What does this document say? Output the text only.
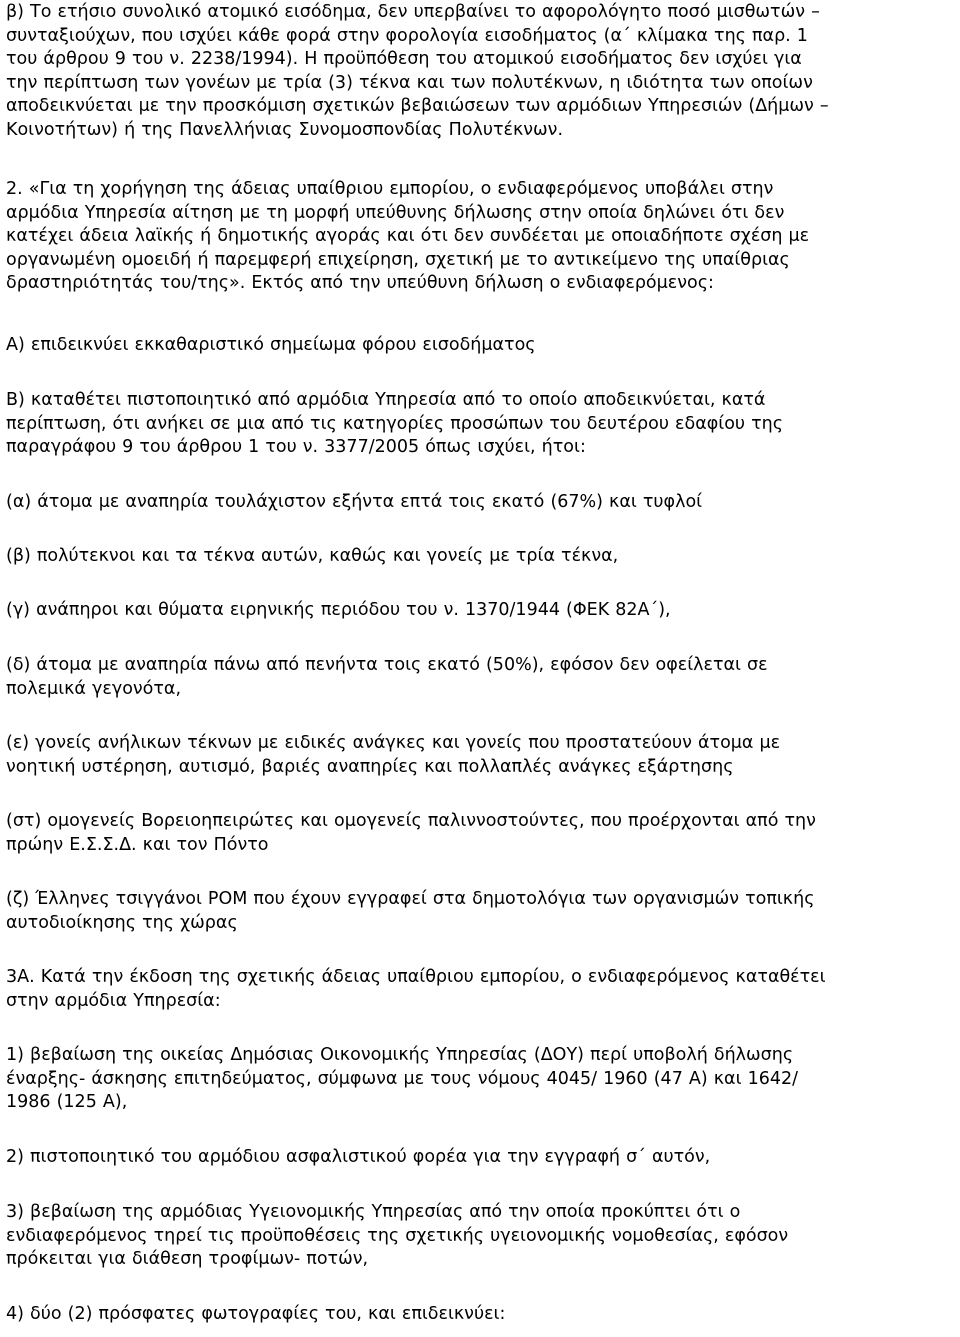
β) Το ετήσιο συνολικό ατομικό εισόδημα, δεν υπερβαίνει το αφορολόγητο ποσό μισθωτών –
συνταξιούχων, που ισχύει κάθε φορά στην φορολογία εισοδήματος (α΄ κλίμακα της παρ. 1
του άρθρου 9 του ν. 2238/1994). Η προϋπόθεση του ατομικού εισοδήματος δεν ισχύει για
την περίπτωση των γονέων με τρία (3) τέκνα και των πολυτέκνων, η ιδιότητα των οποίων
αποδεικνύεται με την προσκόμιση σχετικών βεβαιώσεων των αρμόδιων Υπηρεσιών (Δήμων –
Κοινοτήτων) ή της Πανελλήνιας Συνομοσπονδίας Πολυτέκνων.
2. «Για τη χορήγηση της άδειας υπαίθριου εμπορίου, ο ενδιαφερόμενος υποβάλει στην
αρμόδια Υπηρεσία αίτηση με τη μορφή υπεύθυνης δήλωσης στην οποία δηλώνει ότι δεν
κατέχει άδεια λαϊκής ή δημοτικής αγοράς και ότι δεν συνδέεται με οποιαδήποτε σχέση με
οργανωμένη ομοειδή ή παρεμφερή επιχείρηση, σχετική με το αντικείμενο της υπαίθριας
δραστηριότητάς του/της». Εκτός από την υπεύθυνη δήλωση ο ενδιαφερόμενος:
Α) επιδεικνύει εκκαθαριστικό σημείωμα φόρου εισοδήματος
Β) καταθέτει πιστοποιητικό από αρμόδια Υπηρεσία από το οποίο αποδεικνύεται, κατά
περίπτωση, ότι ανήκει σε μια από τις κατηγορίες προσώπων του δευτέρου εδαφίου της
παραγράφου 9 του άρθρου 1 του ν. 3377/2005 όπως ισχύει, ήτοι:
(α) άτομα με αναπηρία τουλάχιστον εξήντα επτά τοις εκατό (67%) και τυφλοί
(β) πολύτεκνοι και τα τέκνα αυτών, καθώς και γονείς με τρία τέκνα,
(γ) ανάπηροι και θύματα ειρηνικής περιόδου του ν. 1370/1944 (ΦΕΚ 82Α΄),
(δ) άτομα με αναπηρία πάνω από πενήντα τοις εκατό (50%), εφόσον δεν οφείλεται σε
πολεμικά γεγονότα,
(ε) γονείς ανήλικων τέκνων με ειδικές ανάγκες και γονείς που προστατεύουν άτομα με
νοητική υστέρηση, αυτισμό, βαριές αναπηρίες και πολλαπλές ανάγκες εξάρτησης
(στ) ομογενείς Βορειοηπειρώτες και ομογενείς παλιννοστούντες, που προέρχονται από την
πρώην Ε.Σ.Σ.Δ. και τον Πόντο
(ζ) Έλληνες τσιγγάνοι ΡΟΜ που έχουν εγγραφεί στα δημοτολόγια των οργανισμών τοπικής
αυτοδιοίκησης της χώρας
3Α. Κατά την έκδοση της σχετικής άδειας υπαίθριου εμπορίου, ο ενδιαφερόμενος καταθέτει
στην αρμόδια Υπηρεσία:
1) βεβαίωση της οικείας Δημόσιας Οικονομικής Υπηρεσίας (ΔΟΥ) περί υποβολή δήλωσης
έναρξης- άσκησης επιτηδεύματος, σύμφωνα με τους νόμους 4045/ 1960 (47 Α) και 1642/
1986 (125 Α),
2) πιστοποιητικό του αρμόδιου ασφαλιστικού φορέα για την εγγραφή σ΄ αυτόν,
3) βεβαίωση της αρμόδιας Υγειονομικής Υπηρεσίας από την οποία προκύπτει ότι ο
ενδιαφερόμενος τηρεί τις προϋποθέσεις της σχετικής υγειονομικής νομοθεσίας, εφόσον
πρόκειται για διάθεση τροφίμων- ποτών,
4) δύο (2) πρόσφατες φωτογραφίες του, και επιδεικνύει:
